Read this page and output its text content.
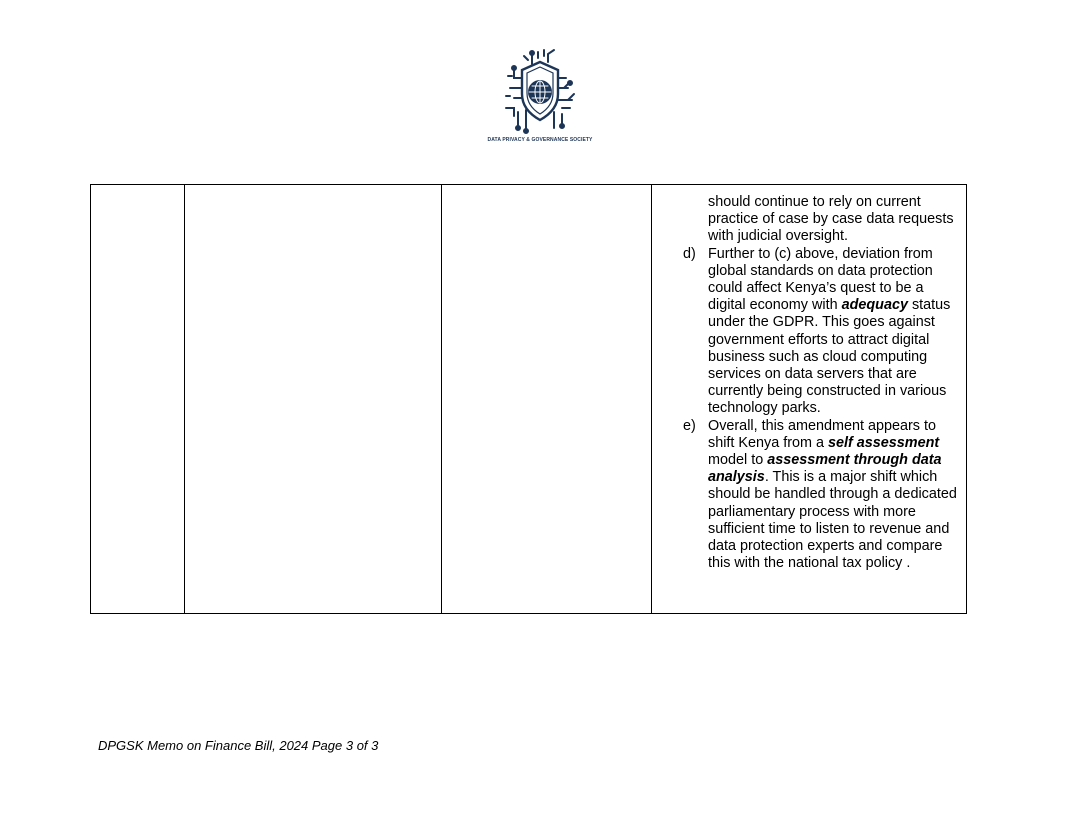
DATA PRIVACY & GOVERNANCE SOCIETY

should continue to rely on current practice of case by case data requests with judicial oversight.
d) Further to (c) above, deviation from global standards on data protection could affect Kenya’s quest to be a digital economy with adequacy status under the GDPR. This goes against government efforts to attract digital business such as cloud computing services on data servers that are currently being constructed in various technology parks.
e) Overall, this amendment appears to shift Kenya from a self assessment model to assessment through data analysis. This is a major shift which should be handled through a dedicated parliamentary process with more sufficient time to listen to revenue and data protection experts and compare this with the national tax policy .
DPGSK Memo on Finance Bill, 2024 Page 3 of 3
